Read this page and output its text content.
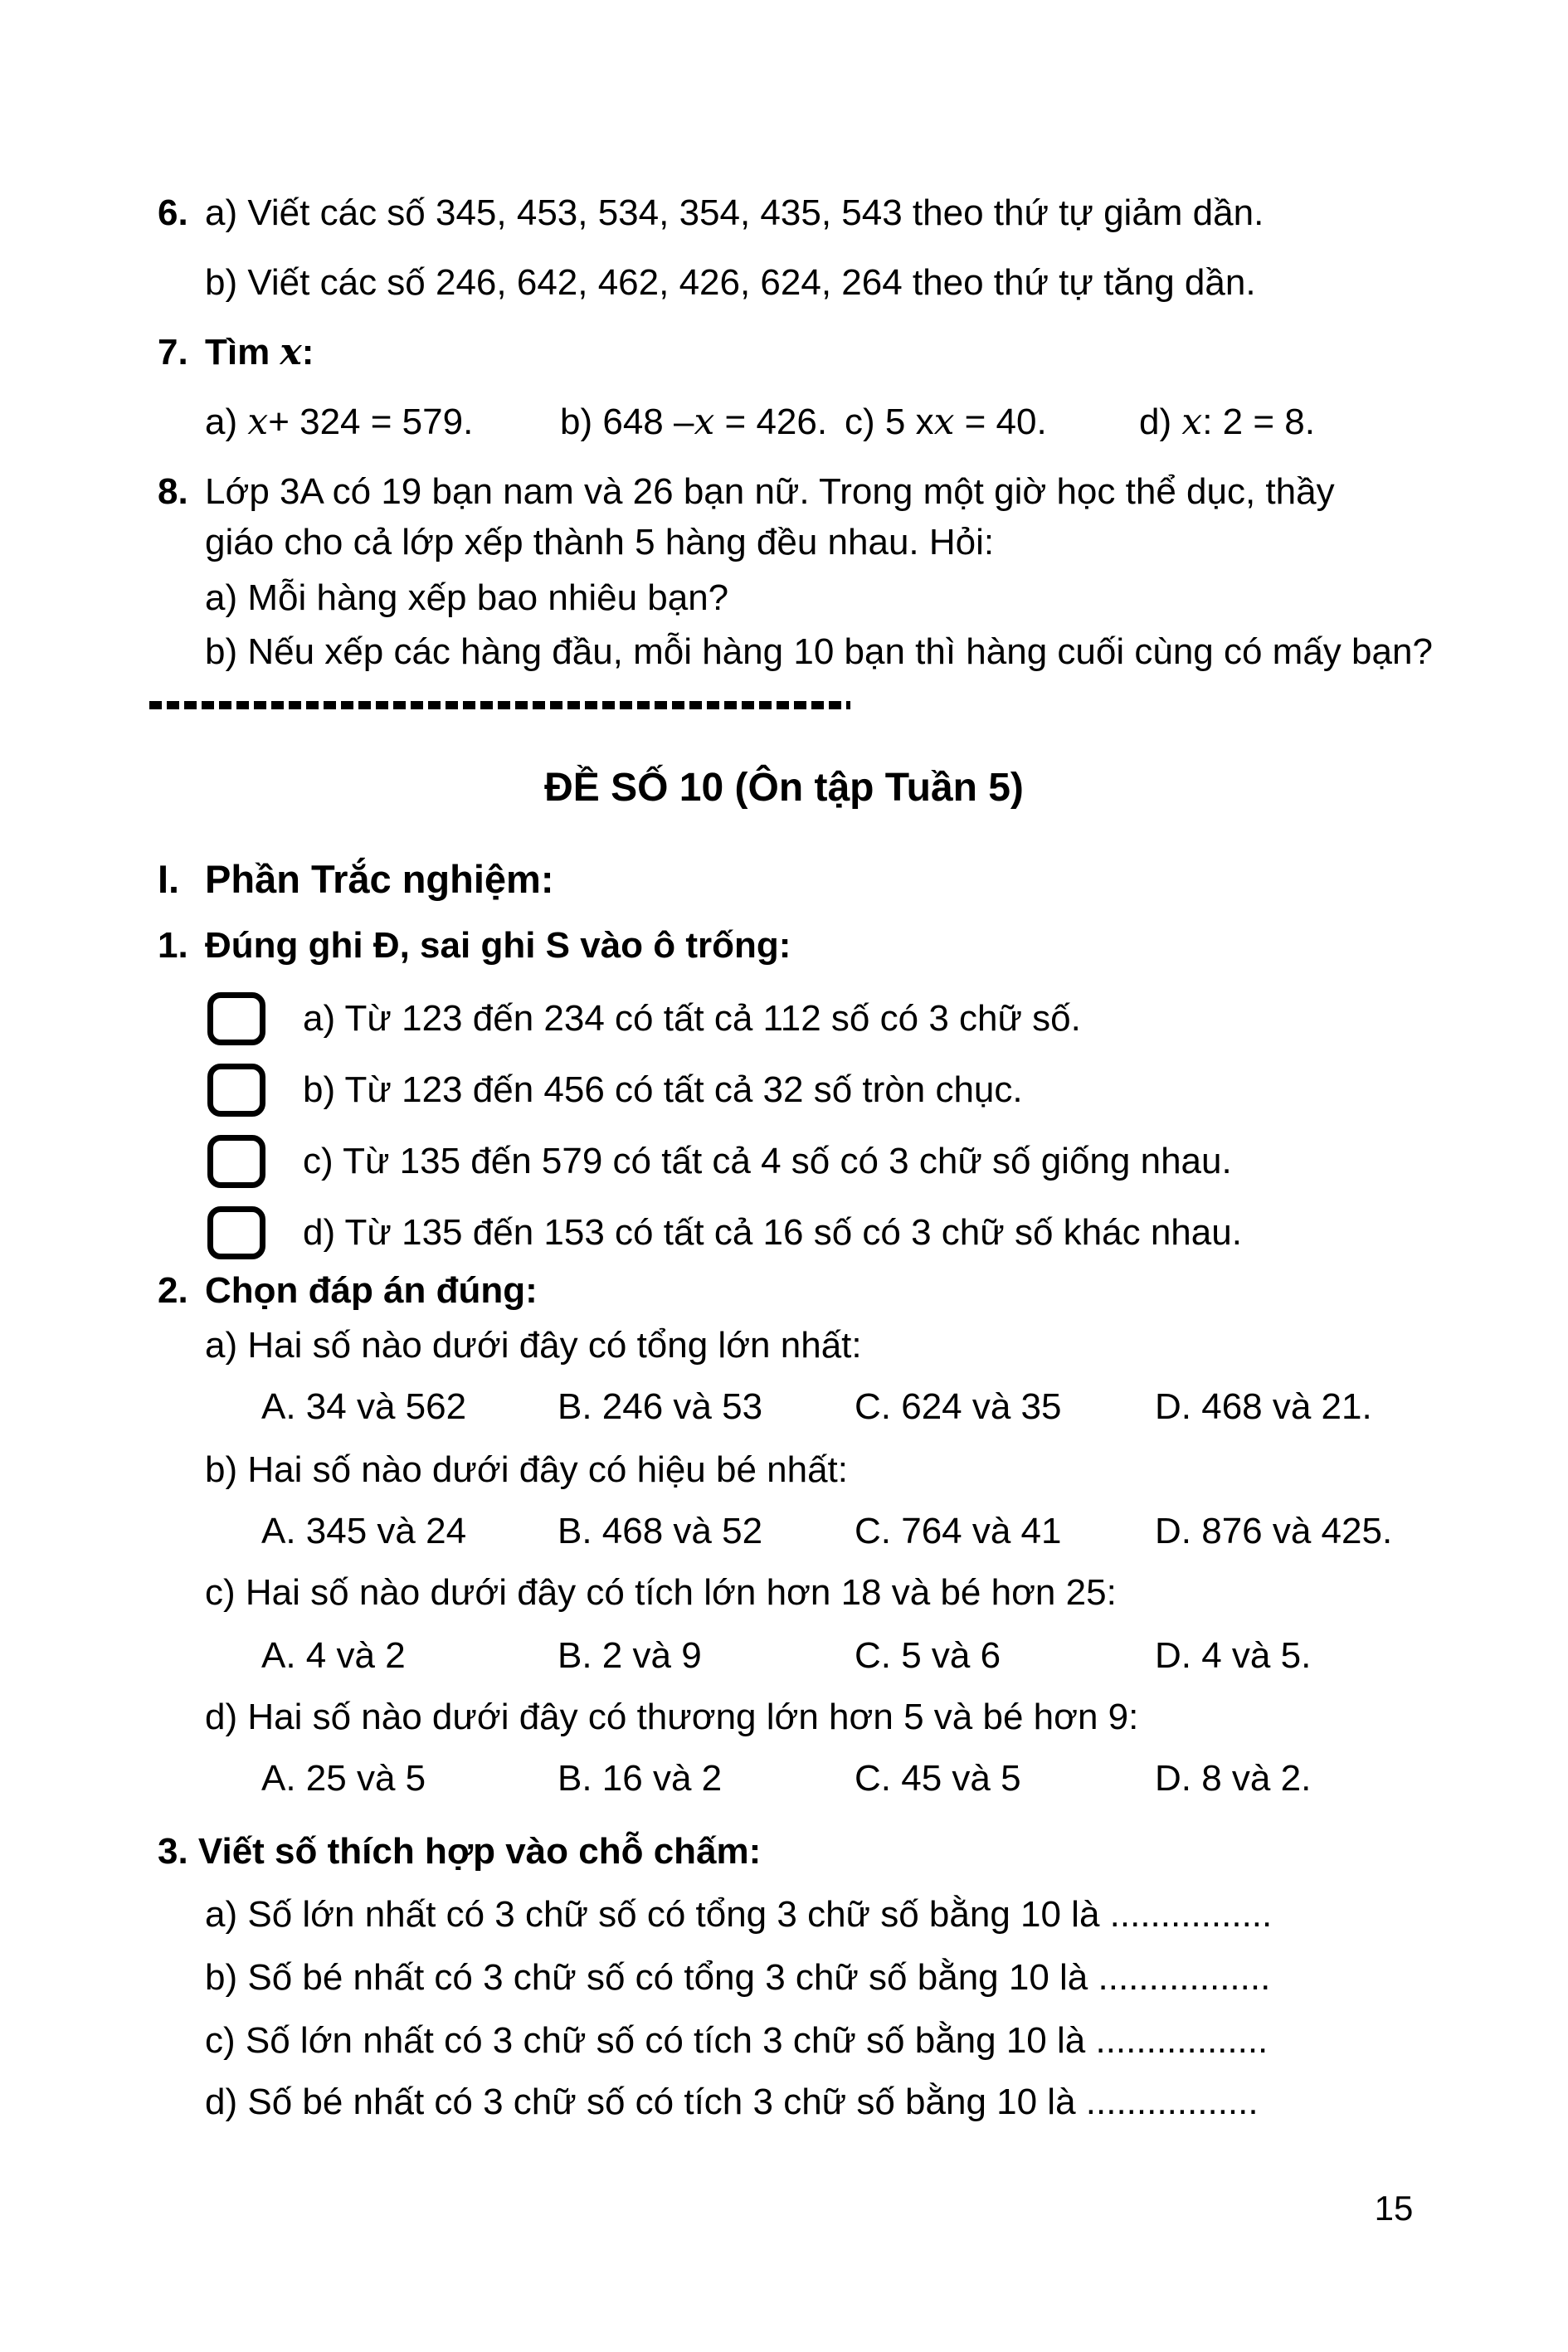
6. a) Viết các số 345, 453, 534, 354, 435, 543 theo thứ tự giảm dần.
b) Viết các số 246, 642, 462, 426, 624, 264 theo thứ tự tăng dần.
7. Tìm x:
a) x+ 324 = 579. b) 648 –x = 426. c) 5 xx = 40.	d) x: 2 = 8.
8. Lớp 3A có 19 bạn nam và 26 bạn nữ. Trong một giờ học thể dục, thầy
giáo cho cả lớp xếp thành 5 hàng đều nhau. Hỏi:
a) Mỗi hàng xếp bao nhiêu bạn?
b) Nếu xếp các hàng đầu, mỗi hàng 10 bạn thì hàng cuối cùng có mấy bạn?
ĐỀ SỐ 10 (Ôn tập Tuần 5)
I. Phần Trắc nghiệm:
1. Đúng ghi Đ, sai ghi S vào ô trống:
a) Từ 123 đến 234 có tất cả 112 số có 3 chữ số.
b) Từ 123 đến 456 có tất cả 32 số tròn chục.
c) Từ 135 đến 579 có tất cả 4 số có 3 chữ số giống nhau.
d) Từ 135 đến 153 có tất cả 16 số có 3 chữ số khác nhau.
2. Chọn đáp án đúng:
a) Hai số nào dưới đây có tổng lớn nhất:
A. 34 và 562 B. 246 và 53	C. 624 và 35	D. 468 và 21.
b) Hai số nào dưới đây có hiệu bé nhất:
A. 345 và 24 B. 468 và 52	C. 764 và 41	D. 876 và 425.
c) Hai số nào dưới đây có tích lớn hơn 18 và bé hơn 25:
A. 4 và 2	B. 2 và 9	C. 5 và 6	D. 4 và 5.
d) Hai số nào dưới đây có thương lớn hơn 5 và bé hơn 9:
A. 25 và 5	B. 16 và 2	C. 45 và 5	D. 8 và 2.
3. Viết số thích hợp vào chỗ chấm:
a) Số lớn nhất có 3 chữ số có tổng 3 chữ số bằng 10 là ................
b) Số bé nhất có 3 chữ số có tổng 3 chữ số bằng 10 là .................
c) Số lớn nhất có 3 chữ số có tích 3 chữ số bằng 10 là .................
d) Số bé nhất có 3 chữ số có tích 3 chữ số bằng 10 là .................
15
